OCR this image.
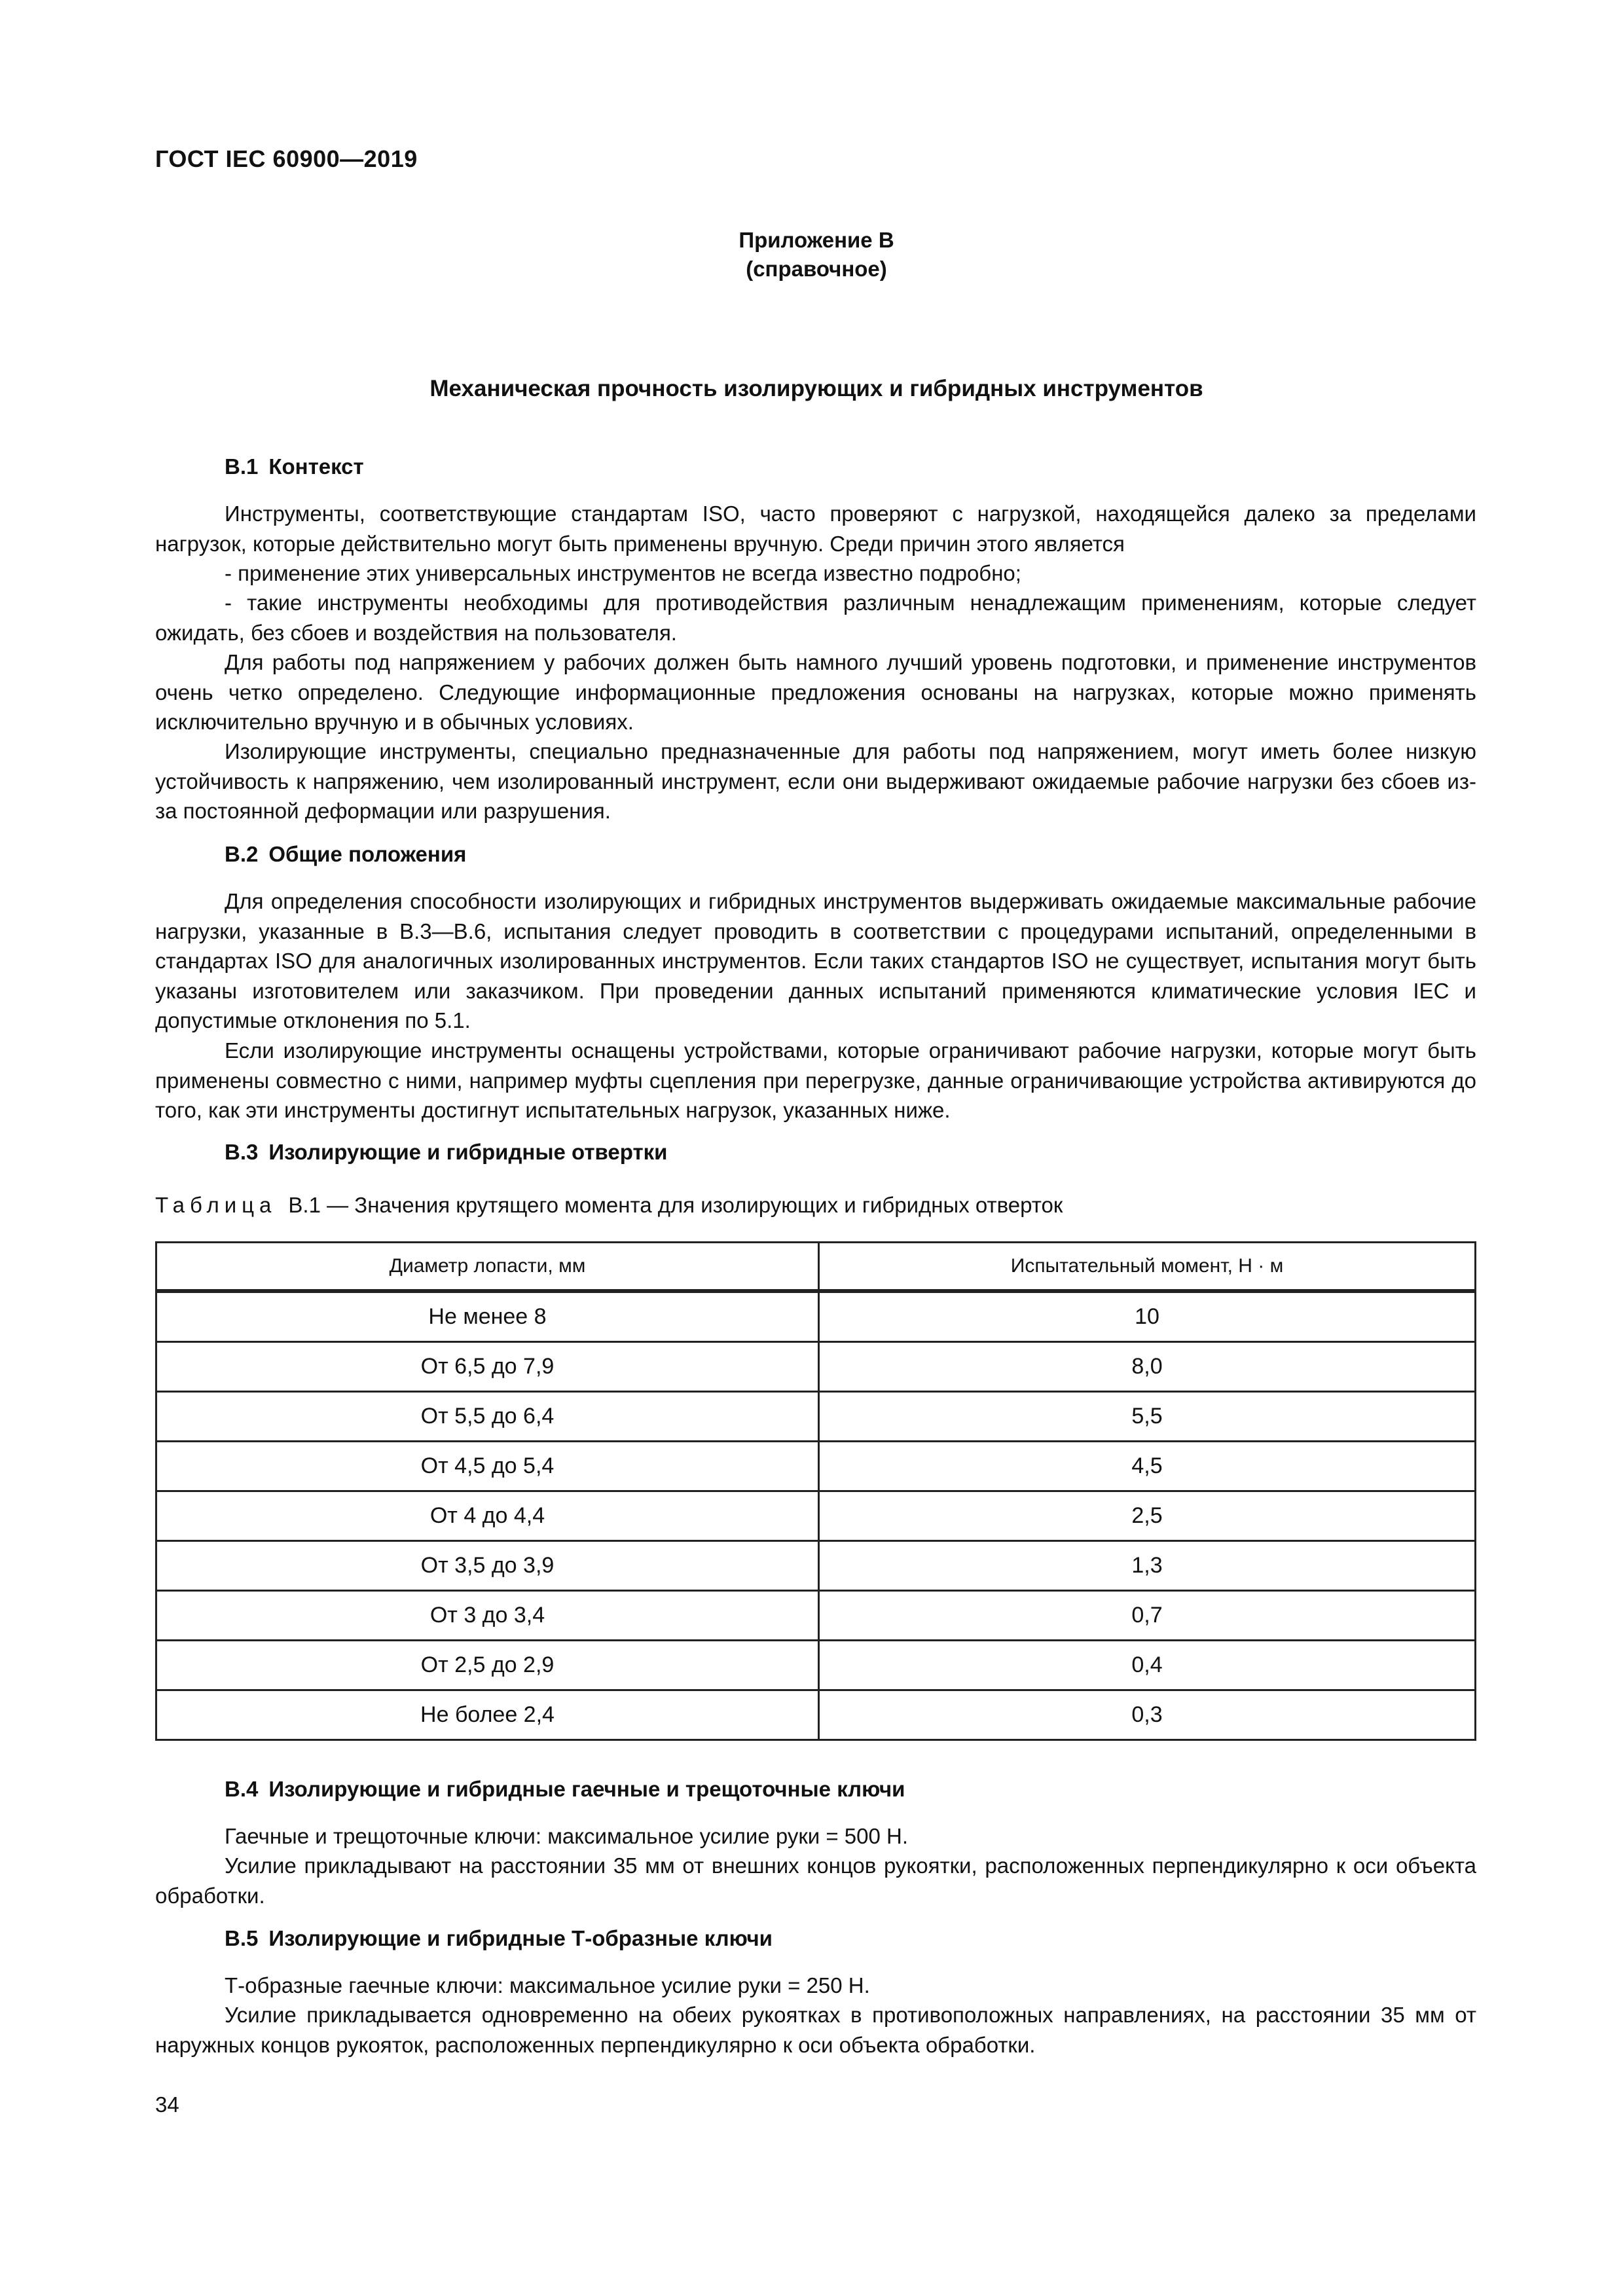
ГОСТ IEC 60900—2019
Приложение В
(справочное)
Механическая прочность изолирующих и гибридных инструментов
В.1 Контекст
Инструменты, соответствующие стандартам ISO, часто проверяют с нагрузкой, находящейся далеко за пределами нагрузок, которые действительно могут быть применены вручную. Среди причин этого является
- применение этих универсальных инструментов не всегда известно подробно;
- такие инструменты необходимы для противодействия различным ненадлежащим применениям, которые следует ожидать, без сбоев и воздействия на пользователя.
Для работы под напряжением у рабочих должен быть намного лучший уровень подготовки, и применение инструментов очень четко определено. Следующие информационные предложения основаны на нагрузках, которые можно применять исключительно вручную и в обычных условиях.
Изолирующие инструменты, специально предназначенные для работы под напряжением, могут иметь более низкую устойчивость к напряжению, чем изолированный инструмент, если они выдерживают ожидаемые рабочие нагрузки без сбоев из-за постоянной деформации или разрушения.
В.2 Общие положения
Для определения способности изолирующих и гибридных инструментов выдерживать ожидаемые максимальные рабочие нагрузки, указанные в В.3—В.6, испытания следует проводить в соответствии с процедурами испытаний, определенными в стандартах ISO для аналогичных изолированных инструментов. Если таких стандартов ISO не существует, испытания могут быть указаны изготовителем или заказчиком. При проведении данных испытаний применяются климатические условия IEC и допустимые отклонения по 5.1.
Если изолирующие инструменты оснащены устройствами, которые ограничивают рабочие нагрузки, которые могут быть применены совместно с ними, например муфты сцепления при перегрузке, данные ограничивающие устройства активируются до того, как эти инструменты достигнут испытательных нагрузок, указанных ниже.
В.3 Изолирующие и гибридные отвертки
Таблица В.1 — Значения крутящего момента для изолирующих и гибридных отверток
Диаметр лопасти, мм	Испытательный момент, Н · м
Не менее 8	10
От 6,5 до 7,9	8,0
От 5,5 до 6,4	5,5
От 4,5 до 5,4	4,5
От 4 до 4,4	2,5
От 3,5 до 3,9	1,3
От 3 до 3,4	0,7
От 2,5 до 2,9	0,4
Не более 2,4	0,3
В.4 Изолирующие и гибридные гаечные и трещоточные ключи
Гаечные и трещоточные ключи: максимальное усилие руки = 500 Н.
Усилие прикладывают на расстоянии 35 мм от внешних концов рукоятки, расположенных перпендикулярно к оси объекта обработки.
В.5 Изолирующие и гибридные Т-образные ключи
Т-образные гаечные ключи: максимальное усилие руки = 250 Н.
Усилие прикладывается одновременно на обеих рукоятках в противоположных направлениях, на расстоянии 35 мм от наружных концов рукояток, расположенных перпендикулярно к оси объекта обработки.
34
